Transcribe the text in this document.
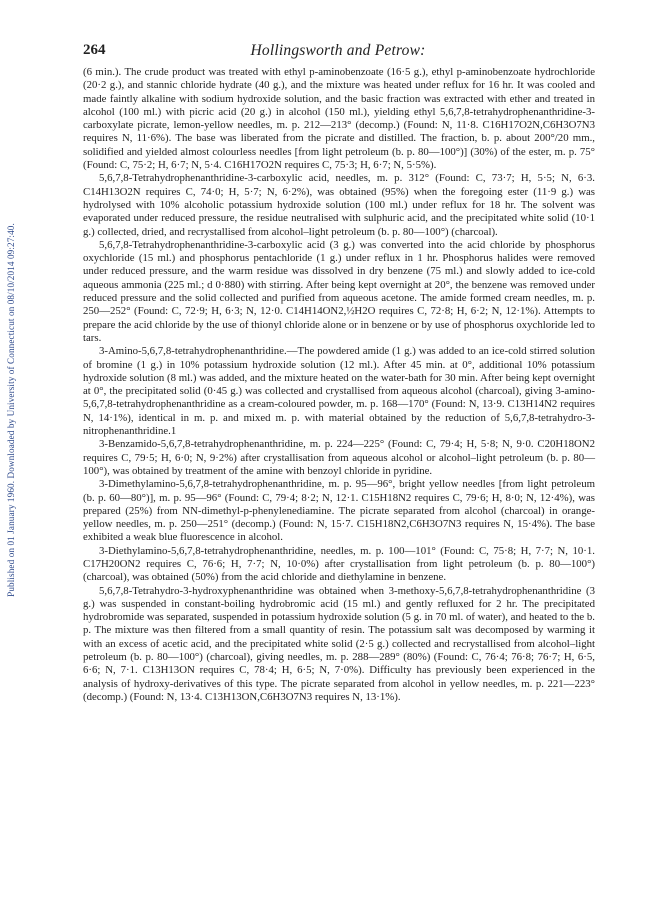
Published on 01 January 1960. Downloaded by University of Connecticut on 08/10/2014 09:27:40.
264	Hollingsworth and Petrow:

(6 min.). The crude product was treated with ethyl p-aminobenzoate (16·5 g.), ethyl p-aminobenzoate hydrochloride (20·2 g.), and stannic chloride hydrate (40 g.), and the mixture was heated under reflux for 16 hr. It was cooled and made faintly alkaline with sodium hydroxide solution, and the basic fraction was extracted with ether and treated in alcohol (100 ml.) with picric acid (20 g.) in alcohol (150 ml.), yielding ethyl 5,6,7,8-tetrahydrophenanthridine-3-carboxylate picrate, lemon-yellow needles, m. p. 212—213° (decomp.) (Found: N, 11·8. C16H17O2N,C6H3O7N3 requires N, 11·6%). The base was liberated from the picrate and distilled. The fraction, b. p. about 200°/20 mm., solidified and yielded almost colourless needles [from light petroleum (b. p. 80—100°)] (30%) of the ester, m. p. 75° (Found: C, 75·2; H, 6·7; N, 5·4. C16H17O2N requires C, 75·3; H, 6·7; N, 5·5%).

5,6,7,8-Tetrahydrophenanthridine-3-carboxylic acid, needles, m. p. 312° (Found: C, 73·7; H, 5·5; N, 6·3. C14H13O2N requires C, 74·0; H, 5·7; N, 6·2%), was obtained (95%) when the foregoing ester (11·9 g.) was hydrolysed with 10% alcoholic potassium hydroxide solution (100 ml.) under reflux for 18 hr. The solvent was evaporated under reduced pressure, the residue neutralised with sulphuric acid, and the precipitated white solid (10·1 g.) collected, dried, and recrystallised from alcohol–light petroleum (b. p. 80—100°) (charcoal).

5,6,7,8-Tetrahydrophenanthridine-3-carboxylic acid (3 g.) was converted into the acid chloride by phosphorus oxychloride (15 ml.) and phosphorus pentachloride (1 g.) under reflux in 1 hr. Phosphorus halides were removed under reduced pressure, and the warm residue was dissolved in dry benzene (75 ml.) and slowly added to ice-cold aqueous ammonia (225 ml.; d 0·880) with stirring. After being kept overnight at 20°, the benzene was removed under reduced pressure and the solid collected and purified from aqueous acetone. The amide formed cream needles, m. p. 250—252° (Found: C, 72·9; H, 6·3; N, 12·0. C14H14ON2,½H2O requires C, 72·8; H, 6·2; N, 12·1%). Attempts to prepare the acid chloride by the use of thionyl chloride alone or in benzene or by use of phosphorus oxychloride led to tars.

3-Amino-5,6,7,8-tetrahydrophenanthridine.—The powdered amide (1 g.) was added to an ice-cold stirred solution of bromine (1 g.) in 10% potassium hydroxide solution (12 ml.). After 45 min. at 0°, additional 10% potassium hydroxide solution (8 ml.) was added, and the mixture heated on the water-bath for 30 min. After being kept overnight at 0°, the precipitated solid (0·45 g.) was collected and crystallised from aqueous alcohol (charcoal), giving 3-amino-5,6,7,8-tetrahydrophenanthridine as a cream-coloured powder, m. p. 168—170° (Found: N, 13·9. C13H14N2 requires N, 14·1%), identical in m. p. and mixed m. p. with material obtained by the reduction of 5,6,7,8-tetrahydro-3-nitrophenanthridine.1

3-Benzamido-5,6,7,8-tetrahydrophenanthridine, m. p. 224—225° (Found: C, 79·4; H, 5·8; N, 9·0. C20H18ON2 requires C, 79·5; H, 6·0; N, 9·2%) after crystallisation from aqueous alcohol or alcohol–light petroleum (b. p. 80—100°), was obtained by treatment of the amine with benzoyl chloride in pyridine.

3-Dimethylamino-5,6,7,8-tetrahydrophenanthridine, m. p. 95—96°, bright yellow needles [from light petroleum (b. p. 60—80°)], m. p. 95—96° (Found: C, 79·4; 8·2; N, 12·1. C15H18N2 requires C, 79·6; H, 8·0; N, 12·4%), was prepared (25%) from NN-dimethyl-p-phenylenediamine. The picrate separated from alcohol (charcoal) in orange-yellow needles, m. p. 250—251° (decomp.) (Found: N, 15·7. C15H18N2,C6H3O7N3 requires N, 15·4%). The base exhibited a weak blue fluorescence in alcohol.

3-Diethylamino-5,6,7,8-tetrahydrophenanthridine, needles, m. p. 100—101° (Found: C, 75·8; H, 7·7; N, 10·1. C17H20ON2 requires C, 76·6; H, 7·7; N, 10·0%) after crystallisation from light petroleum (b. p. 80—100°) (charcoal), was obtained (50%) from the acid chloride and diethylamine in benzene.

5,6,7,8-Tetrahydro-3-hydroxyphenanthridine was obtained when 3-methoxy-5,6,7,8-tetrahydrophenanthridine (3 g.) was suspended in constant-boiling hydrobromic acid (15 ml.) and gently refluxed for 2 hr. The precipitated hydrobromide was separated, suspended in potassium hydroxide solution (5 g. in 70 ml. of water), and heated to the b. p. The mixture was then filtered from a small quantity of resin. The potassium salt was decomposed by warming it with an excess of acetic acid, and the precipitated white solid (2·5 g.) collected and recrystallised from alcohol–light petroleum (b. p. 80—100°) (charcoal), giving needles, m. p. 288—289° (80%) (Found: C, 76·4; 76·8; 76·7; H, 6·5, 6·6; N, 7·1. C13H13ON requires C, 78·4; H, 6·5; N, 7·0%). Difficulty has previously been experienced in the analysis of hydroxy-derivatives of this type. The picrate separated from alcohol in yellow needles, m. p. 221—223° (decomp.) (Found: N, 13·4. C13H13ON,C6H3O7N3 requires N, 13·1%).
